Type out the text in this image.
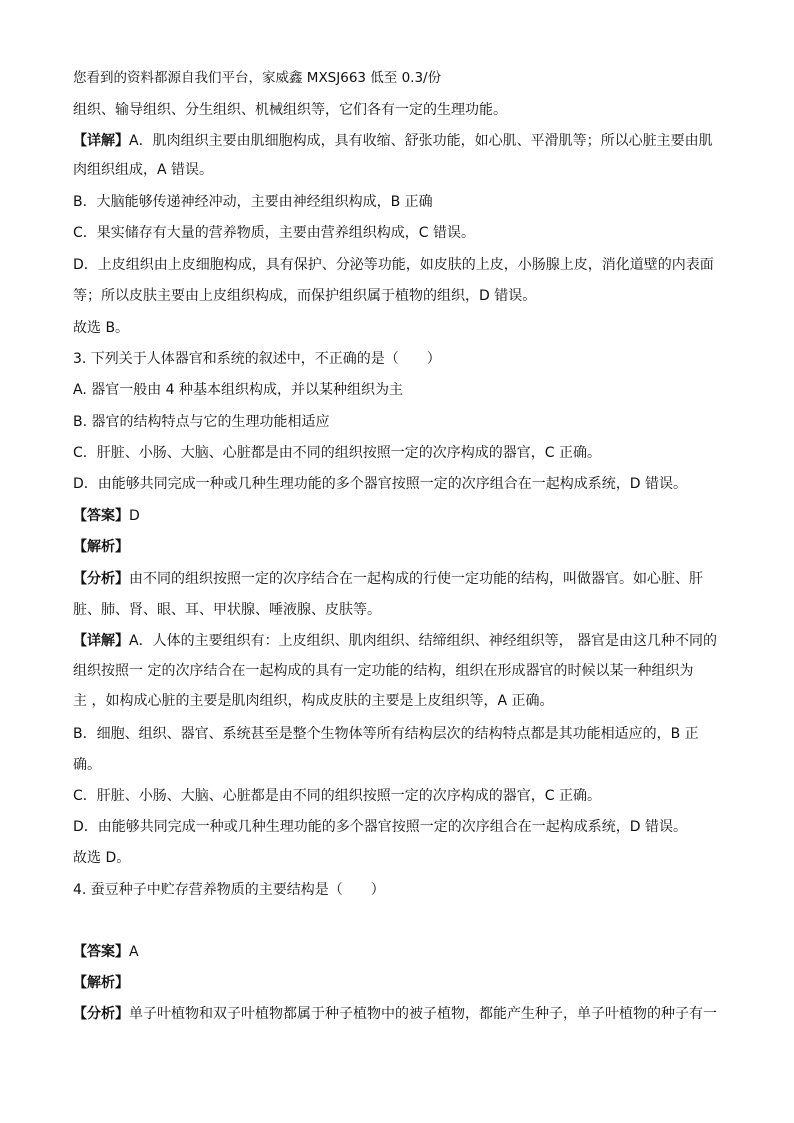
您看到的资料都源自我们平台，家威鑫 MXSJ663 低至 0.3/份
组织、输导组织、分生组织、机械组织等，它们各有一定的生理功能。
【详解】A．肌肉组织主要由肌细胞构成，具有收缩、舒张功能，如心肌、平滑肌等；所以心脏主要由肌
肉组织组成，A 错误。
B．大脑能够传递神经冲动，主要由神经组织构成，B 正确
C．果实储存有大量的营养物质，主要由营养组织构成，C 错误。
D．上皮组织由上皮细胞构成，具有保护、分泌等功能，如皮肤的上皮，小肠腺上皮，消化道壁的内表面
等；所以皮肤主要由上皮组织构成，而保护组织属于植物的组织，D 错误。
故选 B。
3. 下列关于人体器官和系统的叙述中，不正确的是（　　）
A. 器官一般由 4 种基本组织构成，并以某种组织为主
B. 器官的结构特点与它的生理功能相适应
C．肝脏、小肠、大脑、心脏都是由不同的组织按照一定的次序构成的器官，C 正确。
D．由能够共同完成一种或几种生理功能的多个器官按照一定的次序组合在一起构成系统，D 错误。
【答案】D
【解析】
【分析】由不同的组织按照一定的次序结合在一起构成的行使一定功能的结构，叫做器官。如心脏、肝
脏、肺、肾、眼、耳、甲状腺、唾液腺、皮肤等。
【详解】A．人体的主要组织有：上皮组织、肌肉组织、结缔组织、神经组织等， 器官是由这几种不同的
组织按照一 定的次序结合在一起构成的具有一定功能的结构，组织在形成器官的时候以某一种组织为
主 ，如构成心脏的主要是肌肉组织，构成皮肤的主要是上皮组织等，A 正确。
B．细胞、组织、器官、系统甚至是整个生物体等所有结构层次的结构特点都是其功能相适应的，B 正
确。
C．肝脏、小肠、大脑、心脏都是由不同的组织按照一定的次序构成的器官，C 正确。
D．由能够共同完成一种或几种生理功能的多个器官按照一定的次序组合在一起构成系统，D 错误。
故选 D。
4. 蚕豆种子中贮存营养物质的主要结构是（　　）
【答案】A
【解析】
【分析】单子叶植物和双子叶植物都属于种子植物中的被子植物，都能产生种子，单子叶植物的种子有一
